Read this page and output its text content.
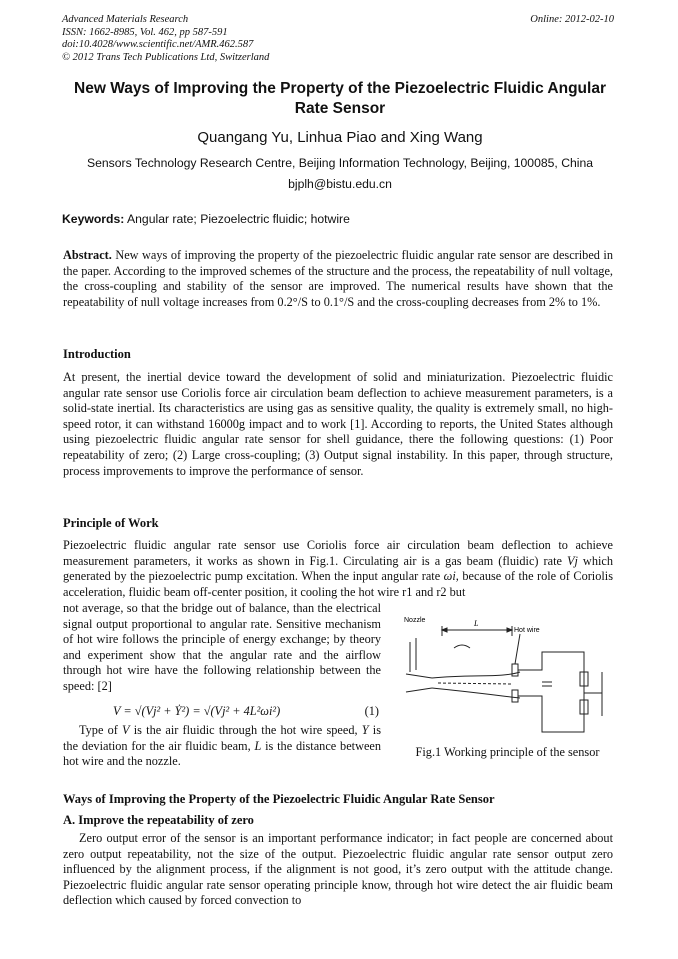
Advanced Materials Research
ISSN: 1662-8985, Vol. 462, pp 587-591
doi:10.4028/www.scientific.net/AMR.462.587
© 2012 Trans Tech Publications Ltd, Switzerland
Online: 2012-02-10
New Ways of Improving the Property of the Piezoelectric Fluidic Angular Rate Sensor
Quangang Yu, Linhua Piao and Xing Wang
Sensors Technology Research Centre, Beijing Information Technology, Beijing, 100085, China
bjplh@bistu.edu.cn
Keywords: Angular rate; Piezoelectric fluidic; hotwire
Abstract. New ways of improving the property of the piezoelectric fluidic angular rate sensor are described in the paper. According to the improved schemes of the structure and the process, the repeatability of null voltage, the cross-coupling and stability of the sensor are improved. The numerical results have shown that the repeatability of null voltage increases from 0.2°/S to 0.1°/S and the cross-coupling decreases from 2% to 1%.
Introduction
At present, the inertial device toward the development of solid and miniaturization. Piezoelectric fluidic angular rate sensor use Coriolis force air circulation beam deflection to achieve measurement parameters, is a solid-state inertial. Its characteristics are using gas as sensitive quality, the quality is extremely small, no high-speed rotor, it can withstand 16000g impact and to work [1]. According to reports, the United States although using piezoelectric fluidic angular rate sensor for shell guidance, there the following questions: (1) Poor repeatability of zero; (2) Large cross-coupling; (3) Output signal instability. In this paper, through structure, process improvements to improve the performance of sensor.
Principle of Work
Piezoelectric fluidic angular rate sensor use Coriolis force air circulation beam deflection to achieve measurement parameters, it works as shown in Fig.1. Circulating air is a gas beam (fluidic) rate Vj which generated by the piezoelectric pump excitation. When the input angular rate ωi, because of the role of Coriolis acceleration, fluidic beam off-center position, it cooling the hot wire r1 and r2 but
not average, so that the bridge out of balance, than the electrical signal output proportional to angular rate. Sensitive mechanism of hot wire follows the principle of energy exchange; by theory and experiment show that the angular rate and the airflow through hot wire have the following relationship between the speed: [2]
V = √(Vj² + Ẏ²) = √(Vj² + 4L²ωi²)	(1)
Type of V is the air fluidic through the hot wire speed, Y is the deviation for the air fluidic beam, L is the distance between hot wire and the nozzle.
Nozzle	L
Hot wire
Fig.1 Working principle of the sensor
Ways of Improving the Property of the Piezoelectric Fluidic Angular Rate Sensor
A. Improve the repeatability of zero
Zero output error of the sensor is an important performance indicator; in fact people are concerned about zero output repeatability, not the size of the output. Piezoelectric fluidic angular rate sensor output zero influenced by the alignment process, if the alignment is not good, it’s zero output with the attitude change. Piezoelectric fluidic angular rate sensor operating principle know, through hot wire detect the air fluidic beam deflection which caused by forced convection to
